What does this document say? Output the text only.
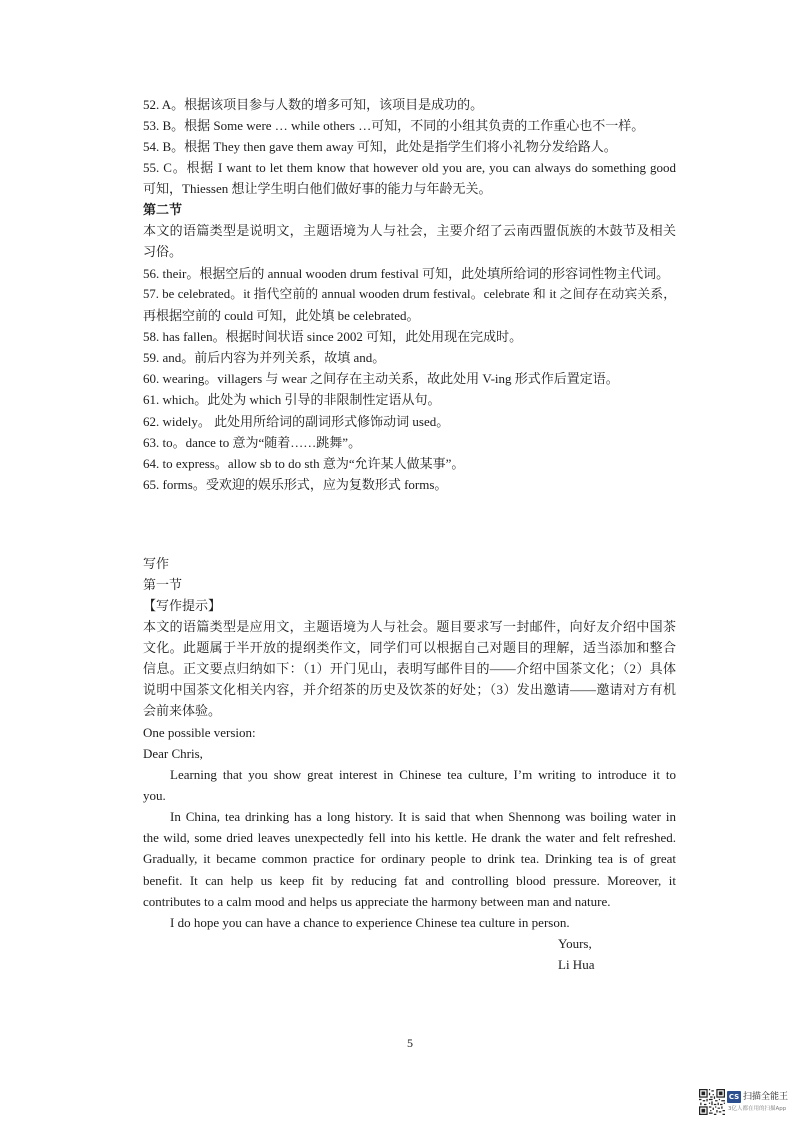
52. A。根据该项目参与人数的增多可知，该项目是成功的。
53. B。根据 Some were … while others …可知，不同的小组其负责的工作重心也不一样。
54. B。根据 They then gave them away 可知，此处是指学生们将小礼物分发给路人。
55. C。根据 I want to let them know that however old you are, you can always do something good
可知，Thiessen 想让学生明白他们做好事的能力与年龄无关。
第二节
本文的语篇类型是说明文，主题语境为人与社会，主要介绍了云南西盟佤族的木鼓节及相关
习俗。
56. their。根据空后的 annual wooden drum festival 可知，此处填所给词的形容词性物主代词。
57. be celebrated。it 指代空前的 annual wooden drum festival。celebrate 和 it 之间存在动宾关系，
再根据空前的 could 可知，此处填 be celebrated。
58. has fallen。根据时间状语 since 2002 可知，此处用现在完成时。
59. and。前后内容为并列关系，故填 and。
60. wearing。villagers 与 wear 之间存在主动关系，故此处用 V-ing 形式作后置定语。
61. which。此处为 which 引导的非限制性定语从句。
62. widely。 此处用所给词的副词形式修饰动词 used。
63. to。dance to 意为“随着……跳舞”。
64. to express。allow sb to do sth 意为“允许某人做某事”。
65. forms。受欢迎的娱乐形式，应为复数形式 forms。
写作
第一节
【写作提示】
本文的语篇类型是应用文，主题语境为人与社会。题目要求写一封邮件，向好友介绍中国茶
文化。此题属于半开放的提纲类作文，同学们可以根据自己对题目的理解，适当添加和整合
信息。正文要点归纳如下：（1）开门见山，表明写邮件目的——介绍中国茶文化；（2）具体
说明中国茶文化相关内容，并介绍茶的历史及饮茶的好处；（3）发出邀请——邀请对方有机
会前来体验。
One possible version:
Dear Chris,
Learning that you show great interest in Chinese tea culture, I’m writing to introduce it to
you.
In China, tea drinking has a long history. It is said that when Shennong was boiling water in
the wild, some dried leaves unexpectedly fell into his kettle. He drank the water and felt refreshed.
Gradually, it became common practice for ordinary people to drink tea. Drinking tea is of great
benefit. It can help us keep fit by reducing fat and controlling blood pressure. Moreover, it
contributes to a calm mood and helps us appreciate the harmony between man and nature.
I do hope you can have a chance to experience Chinese tea culture in person.
Yours,
Li Hua
5
CS 扫描全能王
3亿人都在用的扫描App
